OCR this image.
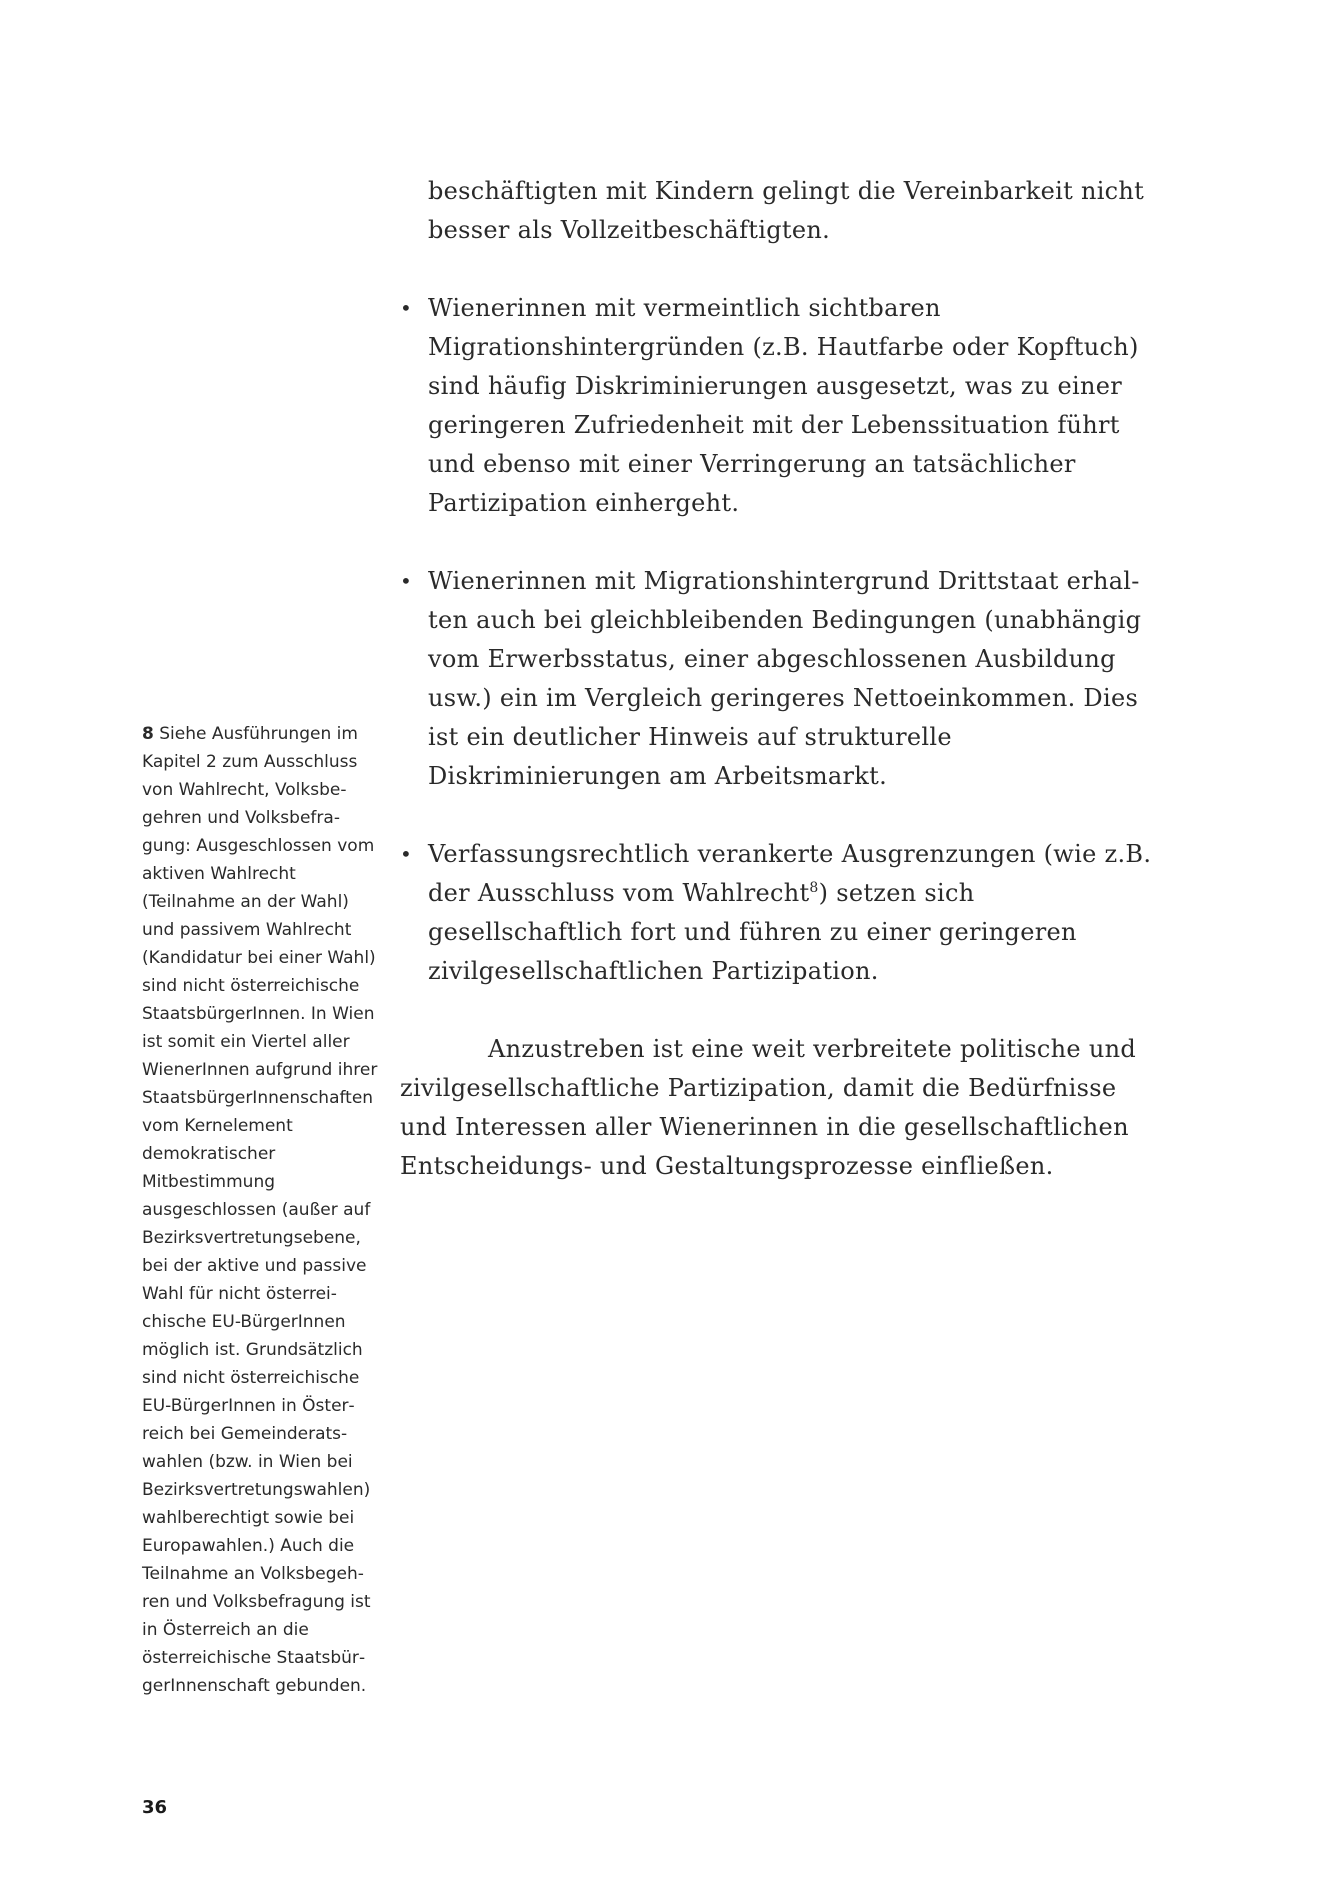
beschäftigten mit Kindern gelingt die Vereinbarkeit nicht besser als Vollzeitbeschäftigten.

• Wienerinnen mit vermeintlich sichtbaren Migrationshintergründen (z.B. Hautfarbe oder Kopftuch) sind häufig Diskriminierungen ausgesetzt, was zu einer geringeren Zufriedenheit mit der Lebenssituation führt und ebenso mit einer Verringerung an tatsächlicher Partizipation einhergeht.
• Wienerinnen mit Migrationshintergrund Drittstaat erhalten auch bei gleichbleibenden Bedingungen (unabhängig vom Erwerbsstatus, einer abgeschlossenen Ausbildung usw.) ein im Vergleich geringeres Nettoeinkommen. Dies ist ein deutlicher Hinweis auf strukturelle Diskriminierungen am Arbeitsmarkt.
• Verfassungsrechtlich verankerte Ausgrenzungen (wie z.B. der Ausschluss vom Wahlrecht$^8$) setzen sich gesellschaftlich fort und führen zu einer geringeren zivilgesellschaftlichen Partizipation.

Anzustreben ist eine weit verbreitete politische und zivilgesellschaftliche Partizipation, damit die Bedürfnisse und Interessen aller Wienerinnen in die gesellschaftlichen Entscheidungs- und Gestaltungsprozesse einfließen.

8 Siehe Ausführungen im Kapitel 2 zum Ausschluss von Wahlrecht, Volksbegehren und Volksbefragung: Ausgeschlossen vom aktiven Wahlrecht (Teilnahme an der Wahl) und passivem Wahlrecht (Kandidatur bei einer Wahl) sind nicht österreichische StaatsbürgerInnen. In Wien ist somit ein Viertel aller WienerInnen aufgrund ihrer StaatsbürgerInnenschaften vom Kernelement demokratischer Mitbestimmung ausgeschlossen (außer auf Bezirksvertretungsebene, bei der aktive und passive Wahl für nicht österreichische EU-BürgerInnen möglich ist. Grundsätzlich sind nicht österreichische EU-BürgerInnen in Österreich bei Gemeinderatswahlen (bzw. in Wien bei Bezirksvertretungswahlen) wahlberechtigt sowie bei Europawahlen.) Auch die Teilnahme an Volksbegehren und Volksbefragung ist in Österreich an die österreichische StaatsbürgerInnenschaft gebunden.
36
